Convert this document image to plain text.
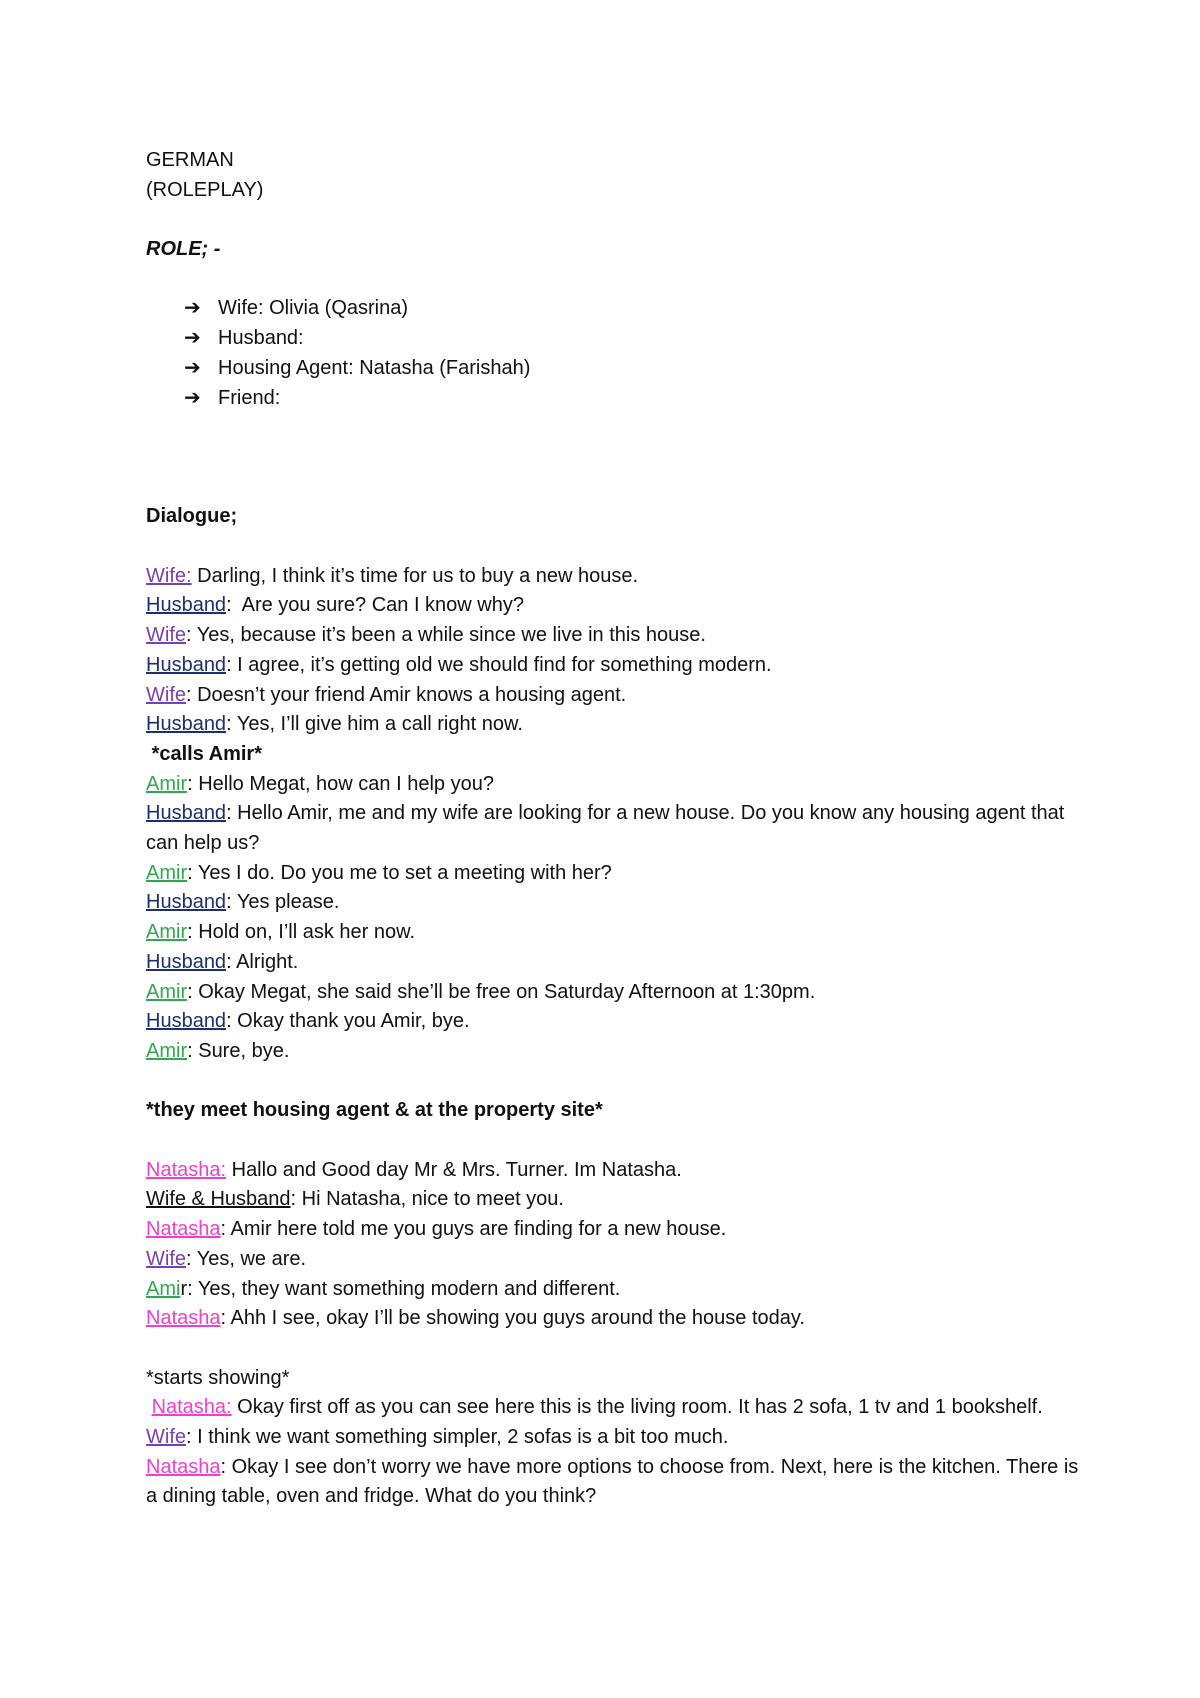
GERMAN

(ROLEPLAY)

ROLE; -

➔ Wife: Olivia (Qasrina)
➔ Husband:
➔ Housing Agent: Natasha (Farishah)
➔ Friend:

Dialogue;

Wife: Darling, I think it’s time for us to buy a new house.

Husband:  Are you sure? Can I know why?

Wife: Yes, because it’s been a while since we live in this house.

Husband: I agree, it’s getting old we should find for something modern.

Wife: Doesn’t your friend Amir knows a housing agent.

Husband: Yes, I’ll give him a call right now.

*calls Amir*

Amir: Hello Megat, how can I help you?

Husband: Hello Amir, me and my wife are looking for a new house. Do you know any housing agent that can help us?

Amir: Yes I do. Do you me to set a meeting with her?

Husband: Yes please.

Amir: Hold on, I’ll ask her now.

Husband: Alright.

Amir: Okay Megat, she said she’ll be free on Saturday Afternoon at 1:30pm.

Husband: Okay thank you Amir, bye.

Amir: Sure, bye.

*they meet housing agent & at the property site*

Natasha: Hallo and Good day Mr & Mrs. Turner. Im Natasha.

Wife & Husband: Hi Natasha, nice to meet you.

Natasha: Amir here told me you guys are finding for a new house.

Wife: Yes, we are.

Amir: Yes, they want something modern and different.

Natasha: Ahh I see, okay I’ll be showing you guys around the house today.

*starts showing*

Natasha: Okay first off as you can see here this is the living room. It has 2 sofa, 1 tv and 1 bookshelf.

Wife: I think we want something simpler, 2 sofas is a bit too much.

Natasha: Okay I see don’t worry we have more options to choose from. Next, here is the kitchen. There is a dining table, oven and fridge. What do you think?
